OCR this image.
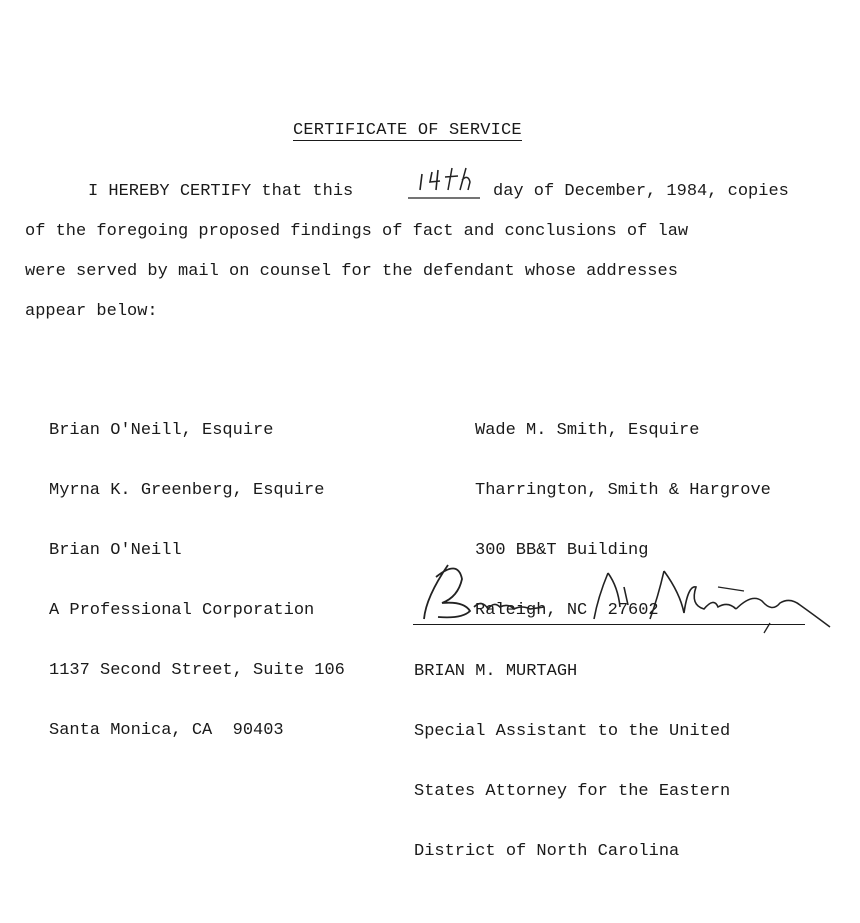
CERTIFICATE OF SERVICE
I HEREBY CERTIFY that this	day of December, 1984, copies
of the foregoing proposed findings of fact and conclusions of law
were served by mail on counsel for the defendant whose addresses
appear below:

Brian O'Neill, Esquire

Myrna K. Greenberg, Esquire

Brian O'Neill

A Professional Corporation

1137 Second Street, Suite 106

Santa Monica, CA  90403

Wade M. Smith, Esquire

Tharrington, Smith & Hargrove

300 BB&T Building

Raleigh, NC  27602

BRIAN M. MURTAGH

Special Assistant to the United

States Attorney for the Eastern

District of North Carolina
